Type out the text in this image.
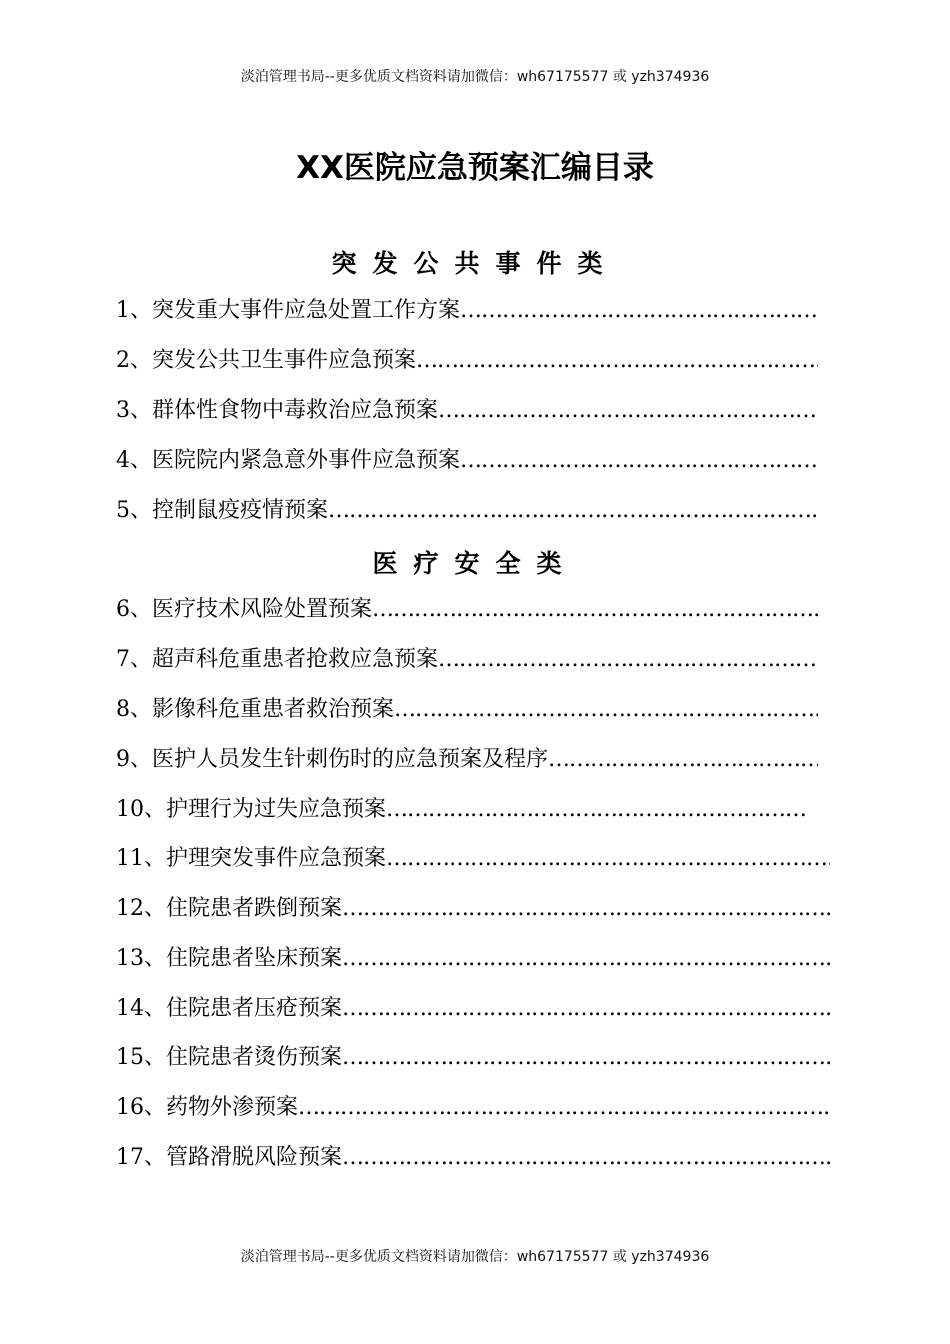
淡泊管理书局--更多优质文档资料请加微信：wh67175577 或 yzh374936
XX医院应急预案汇编目录
突发公共事件类
1、突发重大事件应急处置工作方案
………………………………………………………………………………………………………………
2、突发公共卫生事件应急预案
………………………………………………………………………………………………………………
3、群体性食物中毒救治应急预案
………………………………………………………………………………………………………………
4、医院院内紧急意外事件应急预案
………………………………………………………………………………………………………………
5、控制鼠疫疫情预案
………………………………………………………………………………………………………………
医疗安全类
6、医疗技术风险处置预案
………………………………………………………………………………………………………………
7、超声科危重患者抢救应急预案
………………………………………………………………………………………………………………
8、影像科危重患者救治预案
………………………………………………………………………………………………………………
9、医护人员发生针刺伤时的应急预案及程序
………………………………………………………………………………………………………………
10、护理行为过失应急预案
………………………………………………………………………………………………………………
11、护理突发事件应急预案
………………………………………………………………………………………………………………
12、住院患者跌倒预案
………………………………………………………………………………………………………………
13、住院患者坠床预案
………………………………………………………………………………………………………………
14、住院患者压疮预案
………………………………………………………………………………………………………………
15、住院患者烫伤预案
………………………………………………………………………………………………………………
16、药物外渗预案
………………………………………………………………………………………………………………
17、管路滑脱风险预案
………………………………………………………………………………………………………………
淡泊管理书局--更多优质文档资料请加微信：wh67175577 或 yzh374936
